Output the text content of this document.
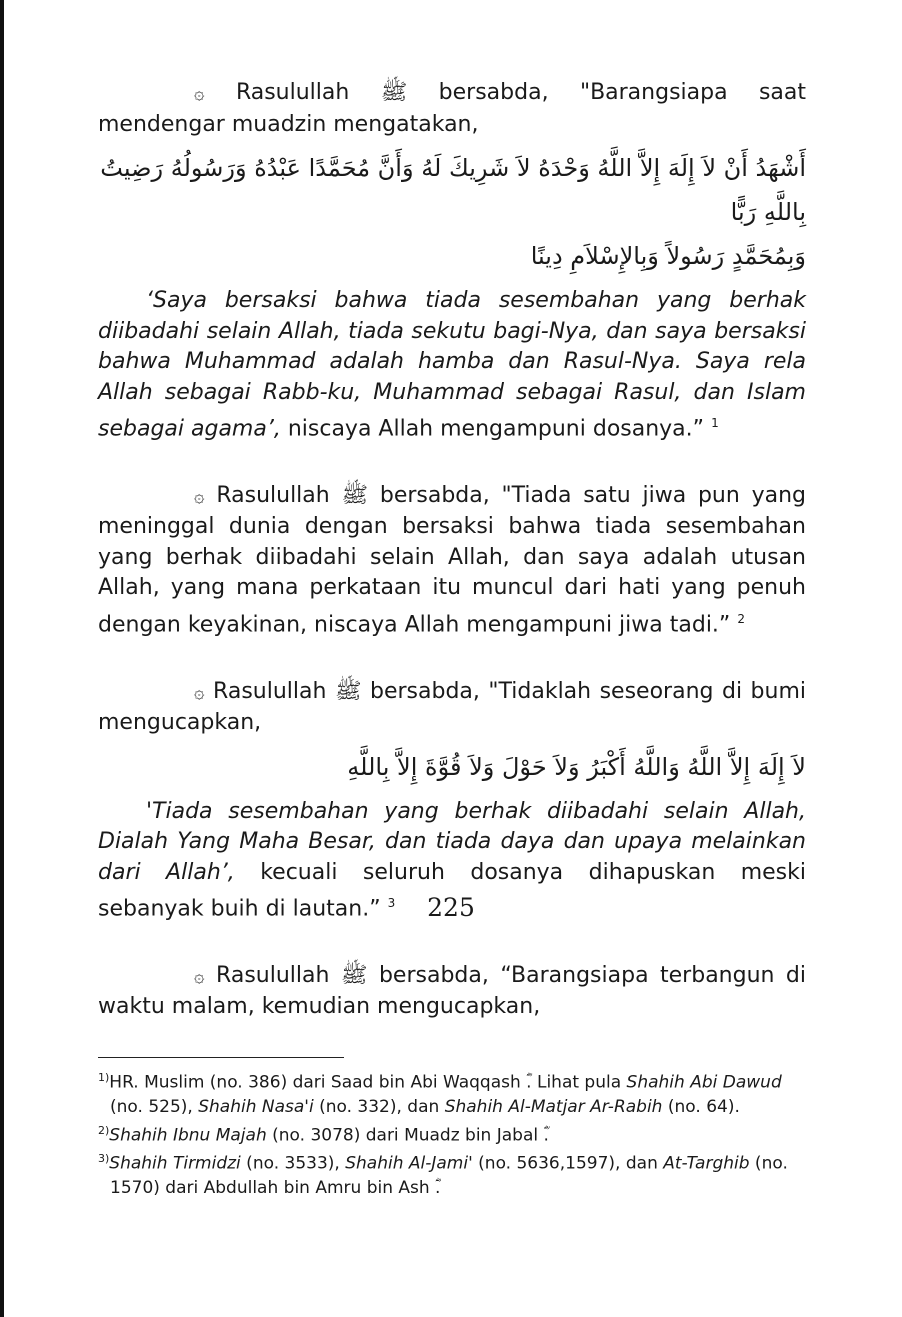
۞ Rasulullah ﷺ bersabda, "Barangsiapa saat mendengar muadzin mengatakan,

أَشْهَدُ أَنْ لاَ إِلَهَ إِلاَّ اللَّهُ وَحْدَهُ لاَ شَرِيكَ لَهُ وَأَنَّ مُحَمَّدًا عَبْدُهُ وَرَسُولُهُ رَضِيتُ بِاللَّهِ رَبًّا
وَبِمُحَمَّدٍ رَسُولاً وَبِالإِسْلاَمِ دِينًا

‘Saya bersaksi bahwa tiada sesembahan yang berhak diibadahi selain Allah, tiada sekutu bagi-Nya, dan saya bersaksi bahwa Muhammad adalah hamba dan Rasul-Nya. Saya rela Allah sebagai Rabb-ku, Muhammad sebagai Rasul, dan Islam sebagai agama’, niscaya Allah mengampuni dosanya.” $^1$

۞ Rasulullah ﷺ bersabda, "Tiada satu jiwa pun yang meninggal dunia dengan bersaksi bahwa tiada sesembahan yang berhak diibadahi selain Allah, dan saya adalah utusan Allah, yang mana perkataan itu muncul dari hati yang penuh dengan keyakinan, niscaya Allah mengampuni jiwa tadi.” $^2$

۞ Rasulullah ﷺ bersabda, "Tidaklah seseorang di bumi mengucapkan,

لاَ إِلَهَ إِلاَّ اللَّهُ وَاللَّهُ أَكْبَرُ وَلاَ حَوْلَ وَلاَ قُوَّةَ إِلاَّ بِاللَّهِ

'Tiada sesembahan yang berhak diibadahi selain Allah, Dialah Yang Maha Besar, dan tiada daya dan upaya melainkan dari Allah’, kecuali seluruh dosanya dihapuskan meski sebanyak buih di lautan.” $^3$

۞ Rasulullah ﷺ bersabda, “Barangsiapa terbangun di waktu malam, kemudian mengucapkan,

$^{1)}$HR. Muslim (no. 386) dari Saad bin Abi Waqqash ؓ. Lihat pula Shahih Abi Dawud (no. 525), Shahih Nasa'i (no. 332), dan Shahih Al-Matjar Ar-Rabih (no. 64).
$^{2)}$Shahih Ibnu Majah (no. 3078) dari Muadz bin Jabal ؓ.
$^{3)}$Shahih Tirmidzi (no. 3533), Shahih Al-Jami' (no. 5636,1597), dan At-Targhib (no. 1570) dari Abdullah bin Amru bin Ash ؓ.
225
